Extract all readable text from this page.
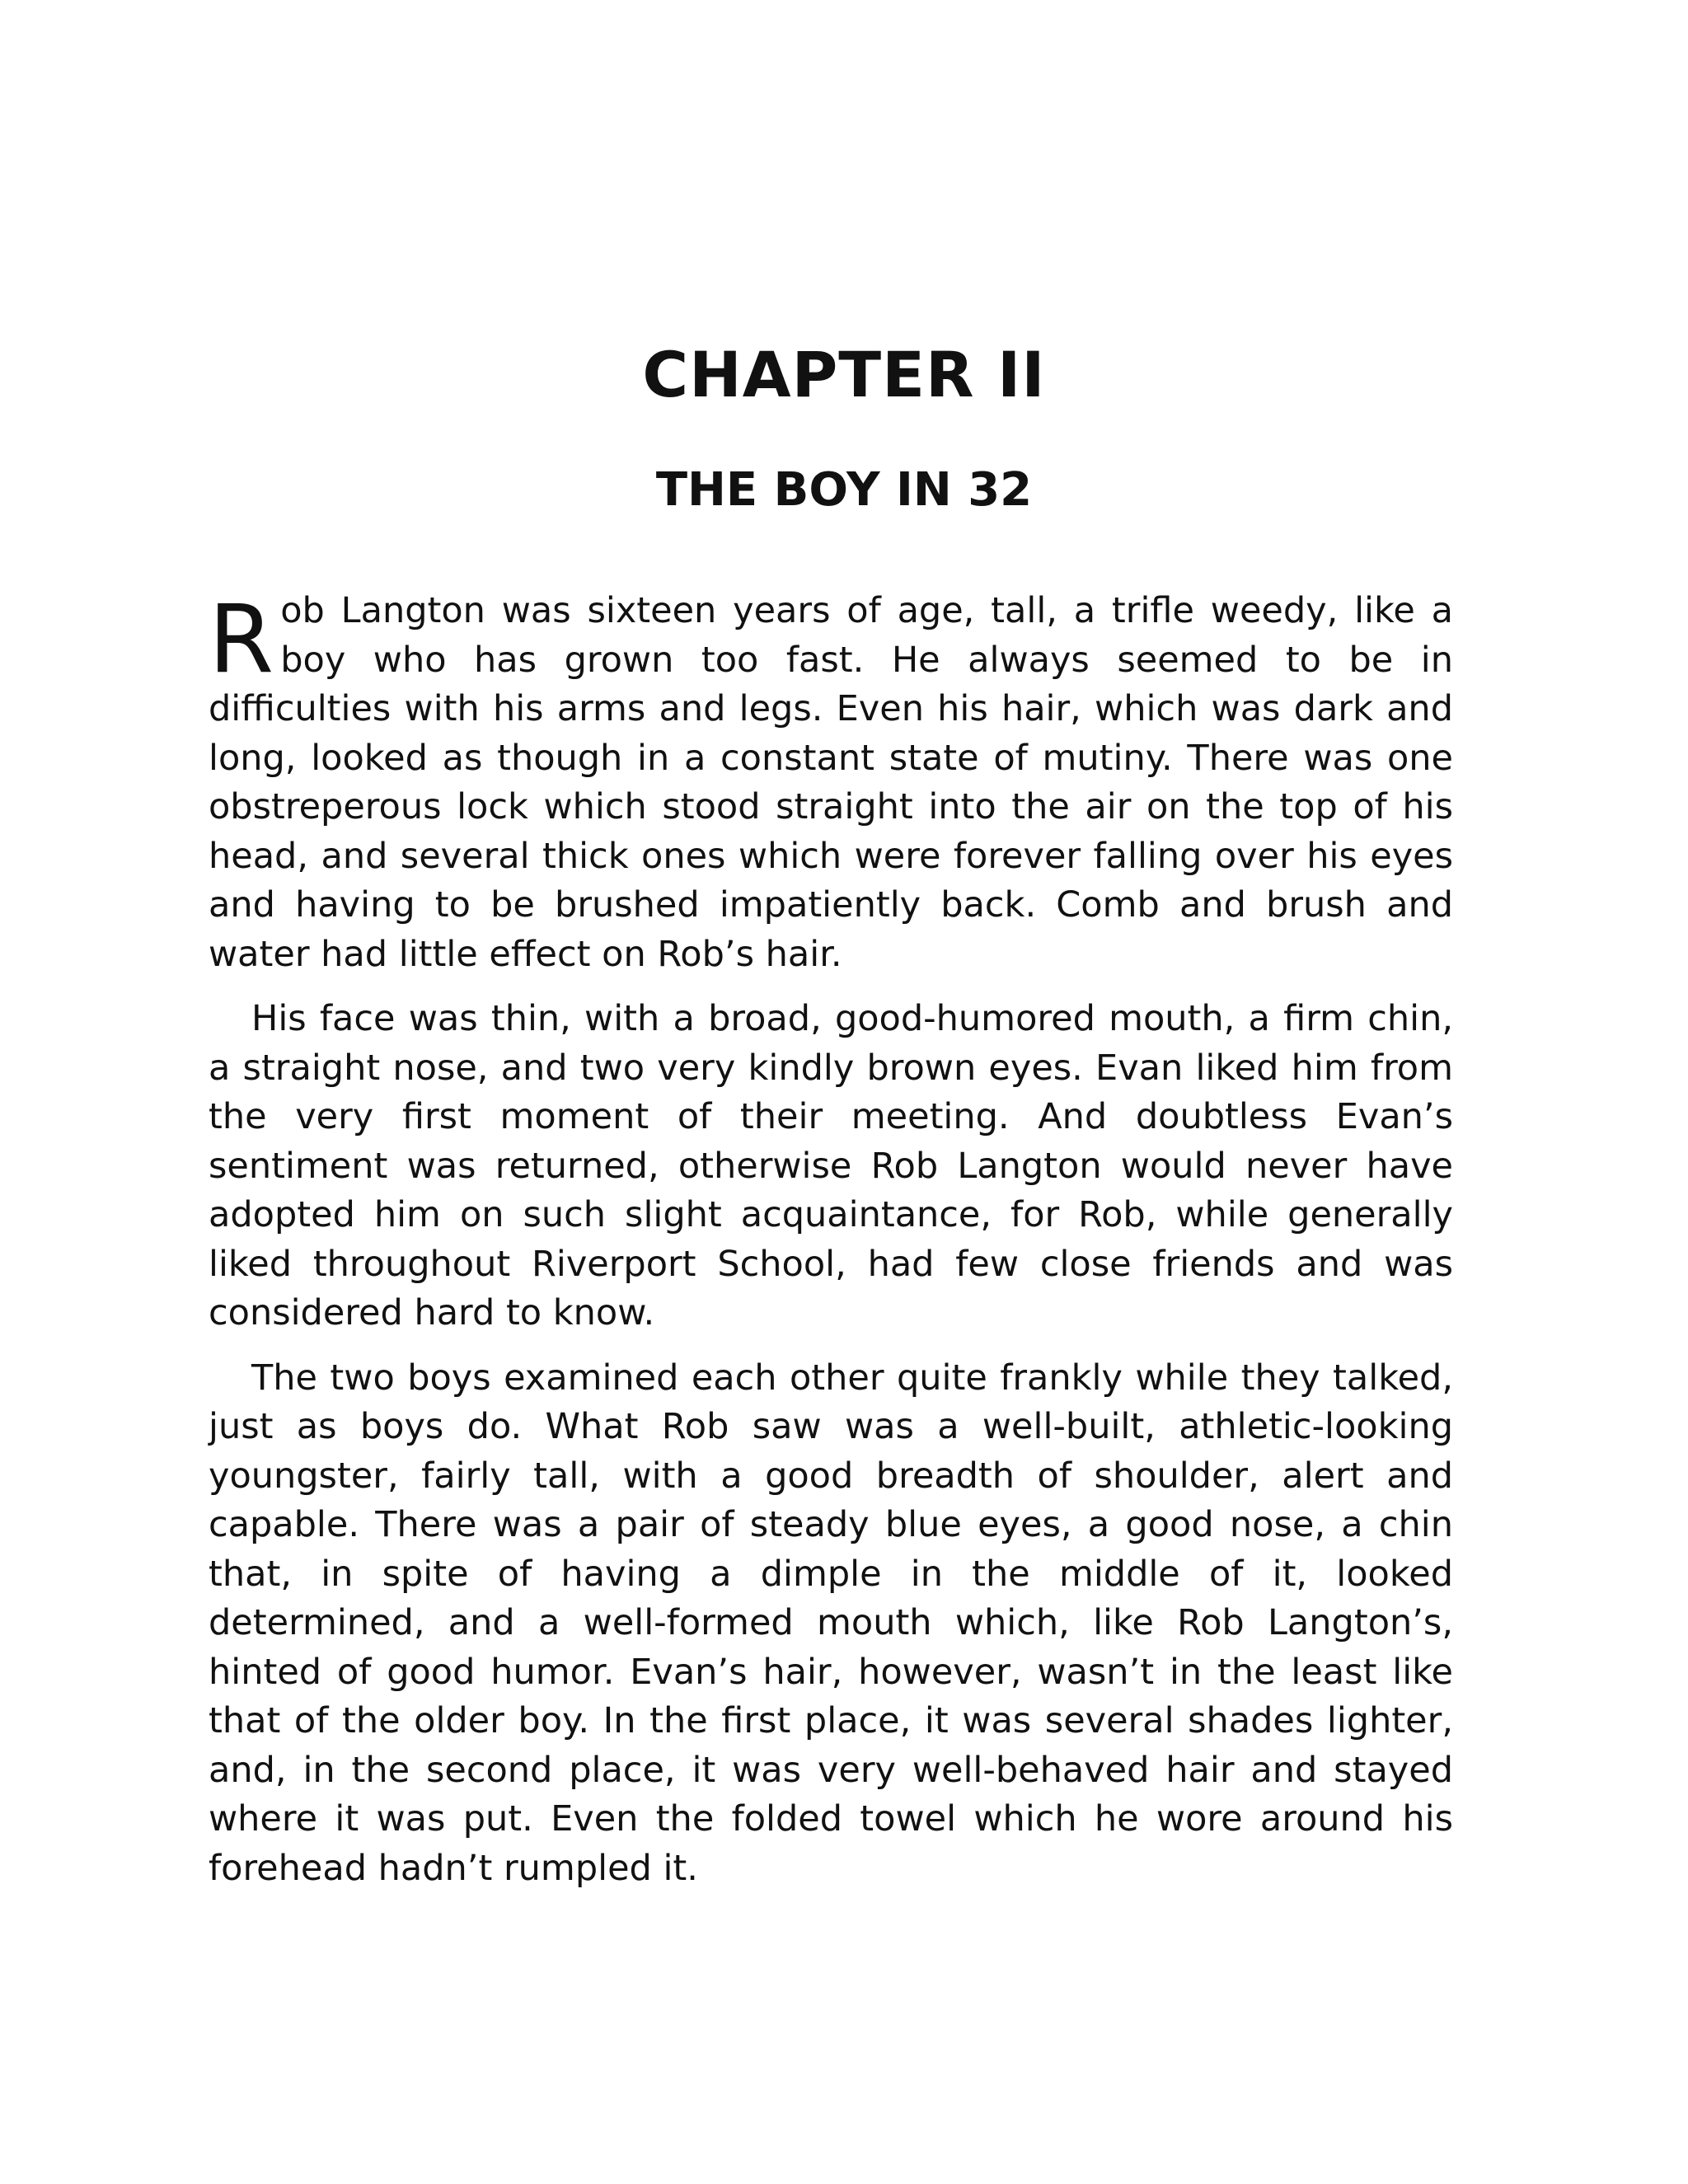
CHAPTER II
THE BOY IN 32

Rob Langton was sixteen years of age, tall, a trifle weedy, like a boy who has grown too fast. He always seemed to be in difficulties with his arms and legs. Even his hair, which was dark and long, looked as though in a constant state of mutiny. There was one obstreperous lock which stood straight into the air on the top of his head, and several thick ones which were forever falling over his eyes and having to be brushed impatiently back. Comb and brush and water had little effect on Rob’s hair.

His face was thin, with a broad, good-humored mouth, a firm chin, a straight nose, and two very kindly brown eyes. Evan liked him from the very first moment of their meeting. And doubtless Evan’s sentiment was returned, otherwise Rob Langton would never have adopted him on such slight acquaintance, for Rob, while generally liked throughout Riverport School, had few close friends and was considered hard to know.

The two boys examined each other quite frankly while they talked, just as boys do. What Rob saw was a well-built, athletic-looking youngster, fairly tall, with a good breadth of shoulder, alert and capable. There was a pair of steady blue eyes, a good nose, a chin that, in spite of having a dimple in the middle of it, looked determined, and a well-formed mouth which, like Rob Langton’s, hinted of good humor. Evan’s hair, however, wasn’t in the least like that of the older boy. In the first place, it was several shades lighter, and, in the second place, it was very well-behaved hair and stayed where it was put. Even the folded towel which he wore around his forehead hadn’t rumpled it.
